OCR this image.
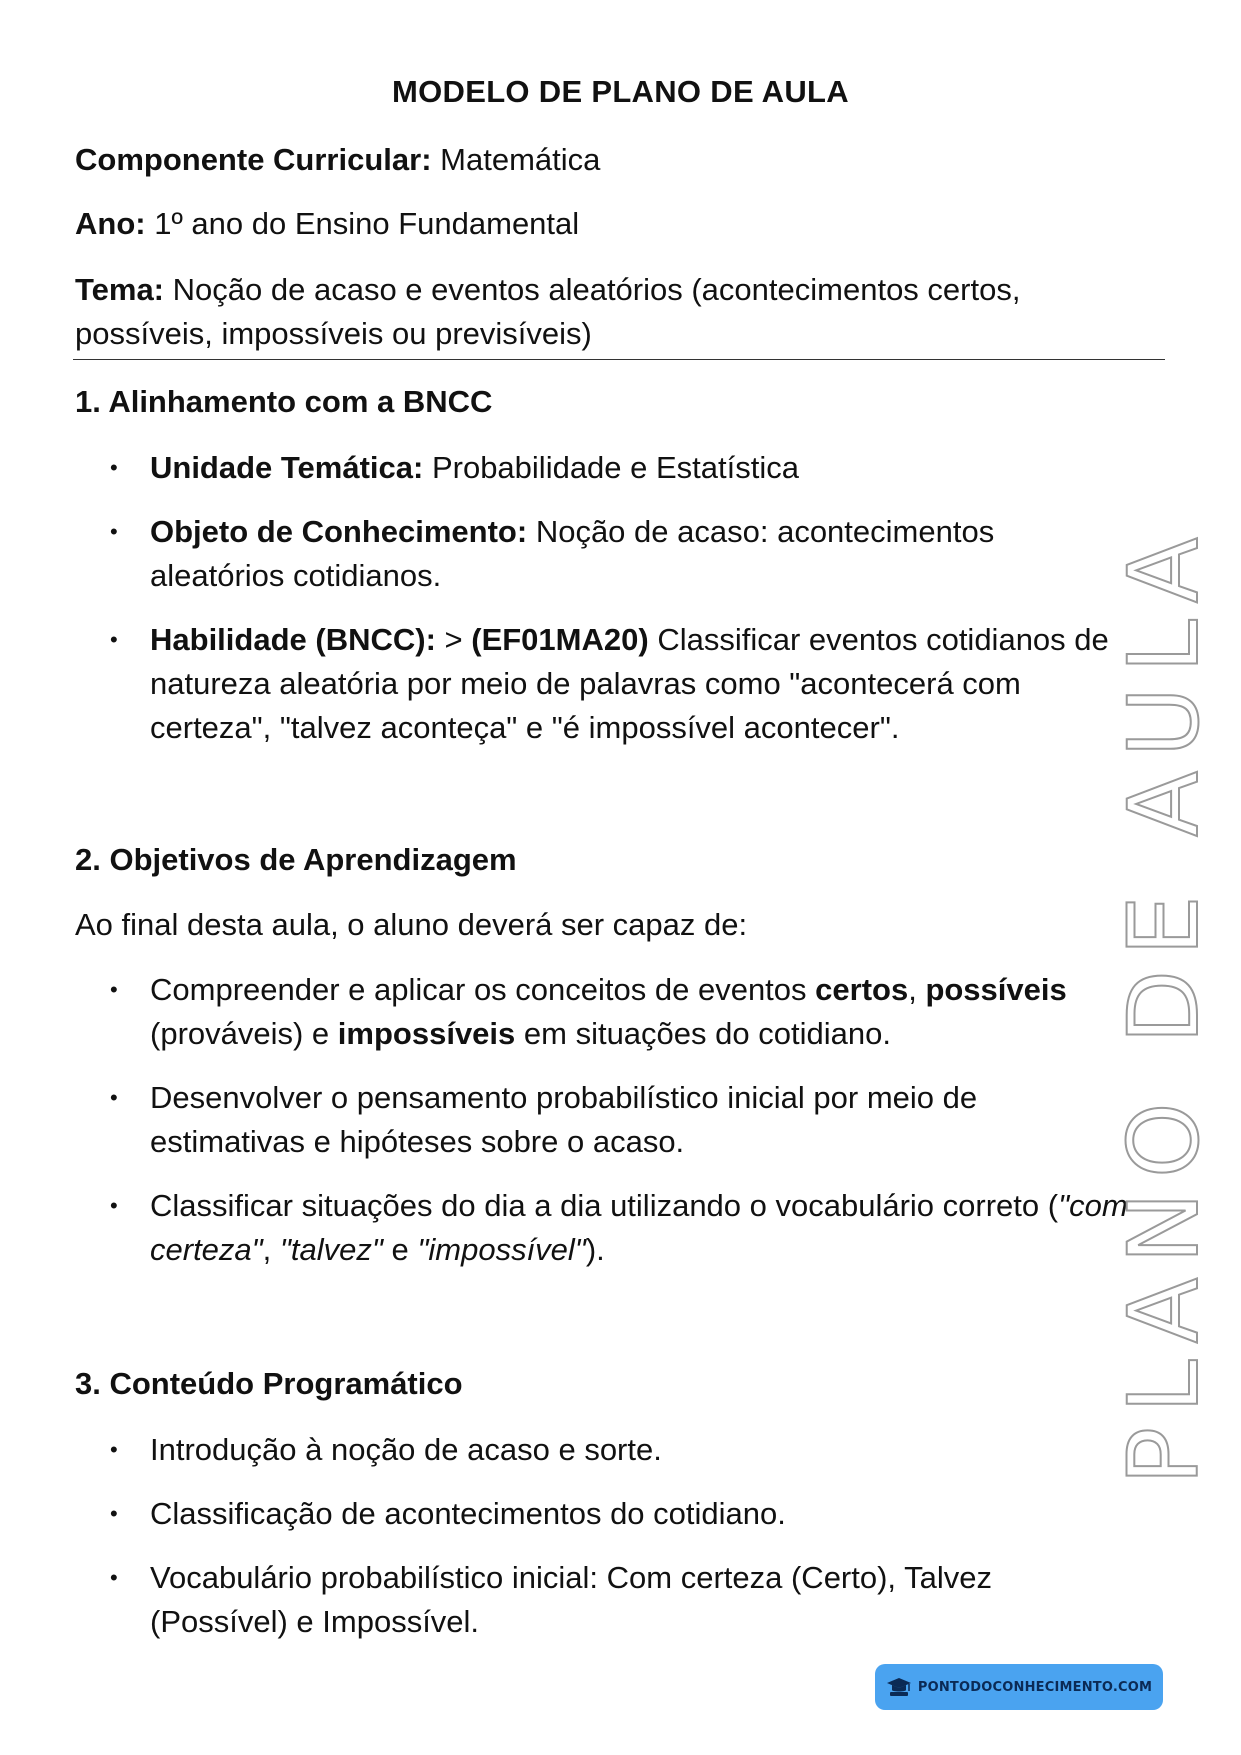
MODELO DE PLANO DE AULA
Componente Curricular: Matemática
Ano: 1º ano do Ensino Fundamental
Tema: Noção de acaso e eventos aleatórios (acontecimentos certos, possíveis, impossíveis ou previsíveis)
1. Alinhamento com a BNCC
• Unidade Temática: Probabilidade e Estatística
• Objeto de Conhecimento: Noção de acaso: acontecimentos aleatórios cotidianos.
• Habilidade (BNCC): > (EF01MA20) Classificar eventos cotidianos de natureza aleatória por meio de palavras como "acontecerá com certeza", "talvez aconteça" e "é impossível acontecer".
2. Objetivos de Aprendizagem
Ao final desta aula, o aluno deverá ser capaz de:
• Compreender e aplicar os conceitos de eventos certos, possíveis (prováveis) e impossíveis em situações do cotidiano.
• Desenvolver o pensamento probabilístico inicial por meio de estimativas e hipóteses sobre o acaso.
• Classificar situações do dia a dia utilizando o vocabulário correto ("com certeza", "talvez" e "impossível").
3. Conteúdo Programático
• Introdução à noção de acaso e sorte.
• Classificação de acontecimentos do cotidiano.
• Vocabulário probabilístico inicial: Com certeza (Certo), Talvez (Possível) e Impossível.
PLANO DE AULA
PONTODOCONHECIMENTO.COM
